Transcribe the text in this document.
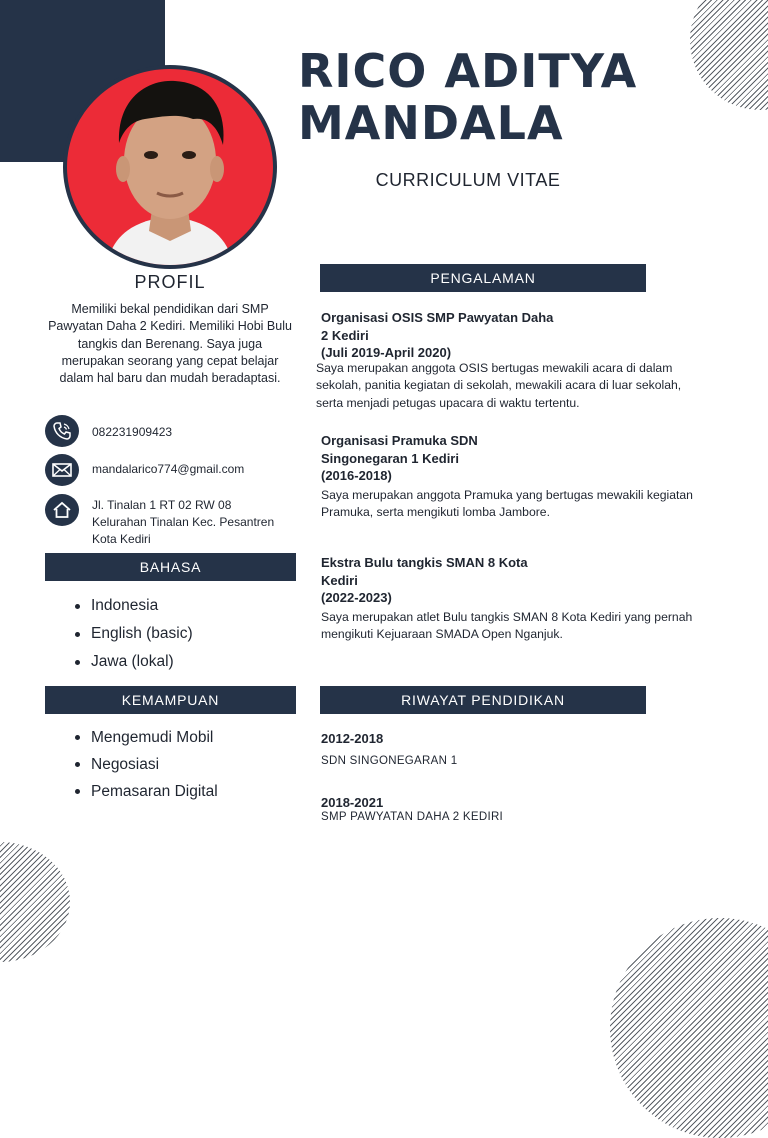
RICO ADITYA
MANDALA
CURRICULUM VITAE
PROFIL
Memiliki bekal pendidikan dari SMP Pawyatan Daha 2 Kediri. Memiliki Hobi Bulu tangkis dan Berenang. Saya juga merupakan seorang yang cepat belajar dalam hal baru dan mudah beradaptasi.
082231909423
mandalarico774@gmail.com
Jl. Tinalan 1 RT 02 RW 08
Kelurahan Tinalan Kec. Pesantren
Kota Kediri
BAHASA
Indonesia
English (basic)
Jawa (lokal)
KEMAMPUAN
Mengemudi Mobil
Negosiasi
Pemasaran Digital
PENGALAMAN
Organisasi OSIS SMP Pawyatan Daha
2 Kediri
(Juli 2019-April 2020)
Saya merupakan anggota OSIS bertugas mewakili acara di dalam sekolah, panitia kegiatan di sekolah, mewakili acara di luar sekolah, serta menjadi petugas upacara di waktu tertentu.
Organisasi Pramuka SDN
Singonegaran 1 Kediri
(2016-2018)
Saya merupakan anggota Pramuka yang bertugas mewakili kegiatan Pramuka, serta mengikuti lomba Jambore.
Ekstra Bulu tangkis SMAN 8 Kota
Kediri
(2022-2023)
Saya merupakan atlet Bulu tangkis SMAN 8 Kota Kediri yang pernah mengikuti Kejuaraan SMADA Open Nganjuk.
RIWAYAT PENDIDIKAN
2012-2018
SDN SINGONEGARAN 1
2018-2021
SMP PAWYATAN DAHA 2 KEDIRI
